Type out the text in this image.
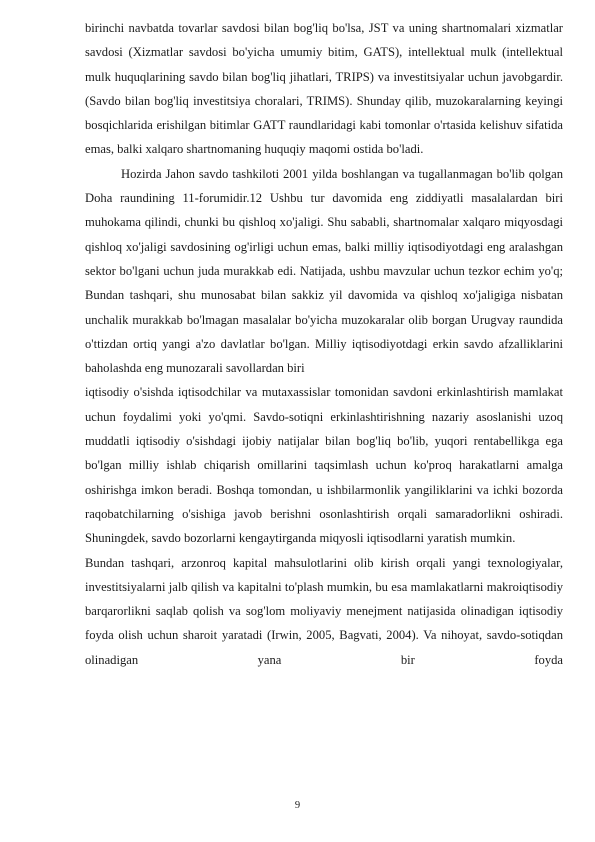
birinchi navbatda tovarlar savdosi bilan bog'liq bo'lsa, JST va uning shartnomalari xizmatlar savdosi (Xizmatlar savdosi bo'yicha umumiy bitim, GATS), intellektual mulk (intellektual mulk huquqlarining savdo bilan bog'liq jihatlari, TRIPS) va investitsiyalar uchun javobgardir. (Savdo bilan bog'liq investitsiya choralari, TRIMS). Shunday qilib, muzokaralarning keyingi bosqichlarida erishilgan bitimlar GATT raundlaridagi kabi tomonlar o'rtasida kelishuv sifatida emas, balki xalqaro shartnomaning huquqiy maqomi ostida bo'ladi.

Hozirda Jahon savdo tashkiloti 2001 yilda boshlangan va tugallanmagan bo'lib qolgan Doha raundining 11-forumidir.12 Ushbu tur davomida eng ziddiyatli masalalardan biri muhokama qilindi, chunki bu qishloq xo'jaligi. Shu sababli, shartnomalar xalqaro miqyosdagi qishloq xo'jaligi savdosining og'irligi uchun emas, balki milliy iqtisodiyotdagi eng aralashgan sektor bo'lgani uchun juda murakkab edi. Natijada, ushbu mavzular uchun tezkor echim yo'q; Bundan tashqari, shu munosabat bilan sakkiz yil davomida va qishloq xo'jaligiga nisbatan unchalik murakkab bo'lmagan masalalar bo'yicha muzokaralar olib borgan Urugvay raundida o'ttizdan ortiq yangi a'zo davlatlar bo'lgan. Milliy iqtisodiyotdagi erkin savdo afzalliklarini baholashda eng munozarali savollardan biri

iqtisodiy o'sishda iqtisodchilar va mutaxassislar tomonidan savdoni erkinlashtirish mamlakat uchun foydalimi yoki yo'qmi. Savdo-sotiqni erkinlashtirishning nazariy asoslanishi uzoq muddatli iqtisodiy o'sishdagi ijobiy natijalar bilan bog'liq bo'lib, yuqori rentabellikga ega bo'lgan milliy ishlab chiqarish omillarini taqsimlash uchun ko'proq harakatlarni amalga oshirishga imkon beradi. Boshqa tomondan, u ishbilarmonlik yangiliklarini va ichki bozorda raqobatchilarning o'sishiga javob berishni osonlashtirish orqali samaradorlikni oshiradi. Shuningdek, savdo bozorlarni kengaytirganda miqyosli iqtisodlarni yaratish mumkin.

Bundan tashqari, arzonroq kapital mahsulotlarini olib kirish orqali yangi texnologiyalar, investitsiyalarni jalb qilish va kapitalni to'plash mumkin, bu esa mamlakatlarni makroiqtisodiy barqarorlikni saqlab qolish va sog'lom moliyaviy menejment natijasida olinadigan iqtisodiy foyda olish uchun sharoit yaratadi (Irwin, 2005, Bagvati, 2004). Va nihoyat, savdo-sotiqdan olinadigan yana bir foyda

9
